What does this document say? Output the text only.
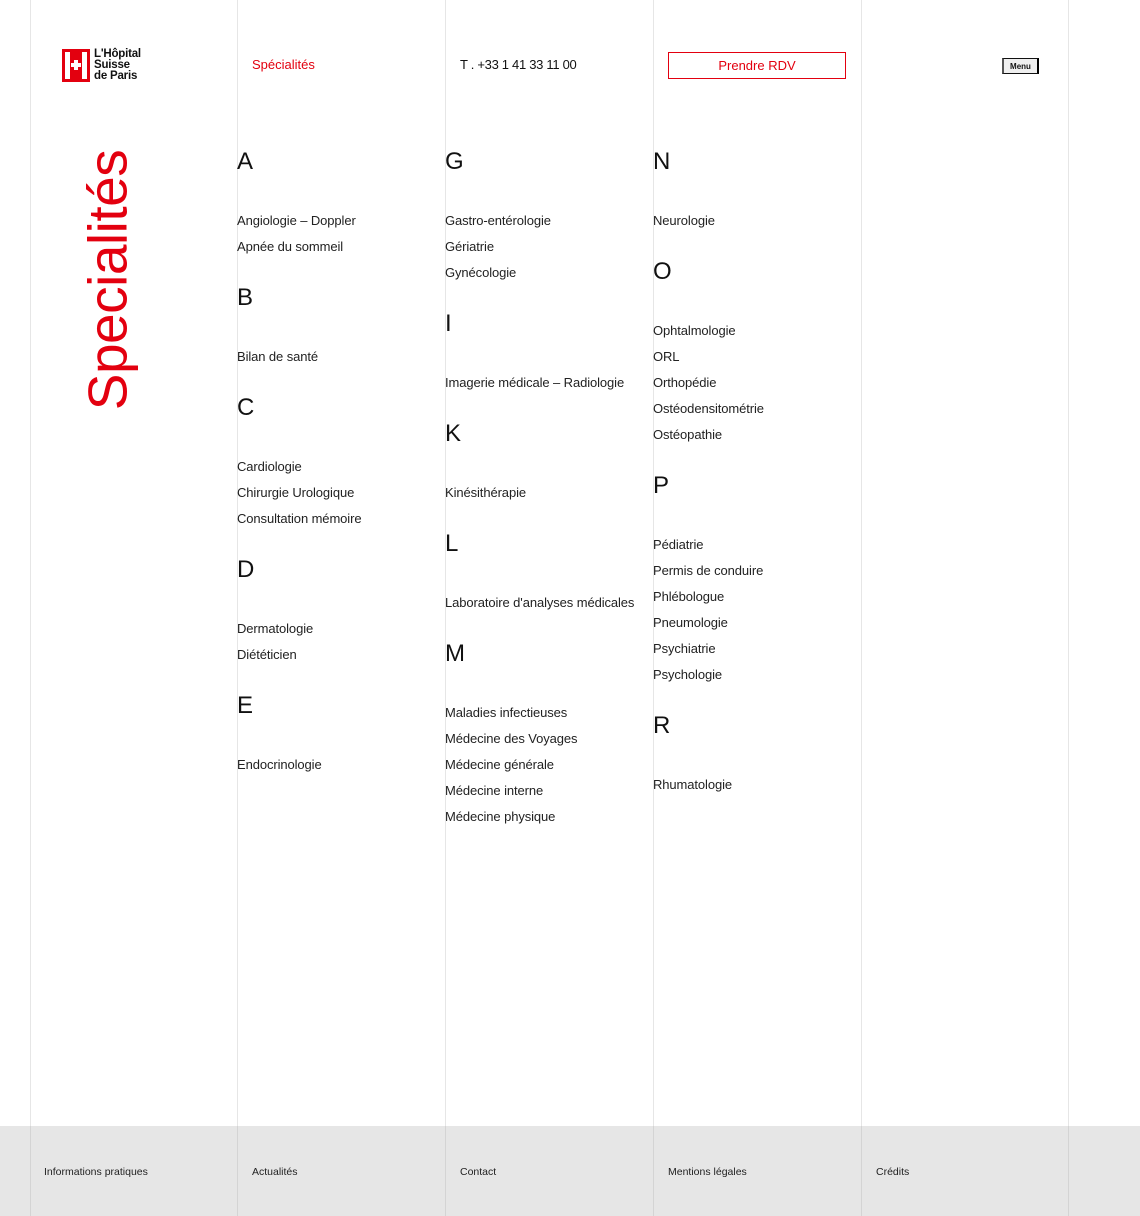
L'Hôpital
Suisse
de Paris
Spécialités	T . +33 1 41 33 11 00	Prendre RDV	Menu
Specialités	A
Angiologie – Doppler
Apnée du sommeil
B
Bilan de santé
C
Cardiologie
Chirurgie Urologique
Consultation mémoire
D
Dermatologie
Diététicien
E
Endocrinologie
G
Gastro-entérologie
Gériatrie
Gynécologie
I
Imagerie médicale – Radiologie
K
Kinésithérapie
L
Laboratoire d'analyses médicales
M
Maladies infectieuses
Médecine des Voyages
Médecine générale
Médecine interne
Médecine physique
N
Neurologie
O
Ophtalmologie
ORL
Orthopédie
Ostéodensitométrie
Ostéopathie
P
Pédiatrie
Permis de conduire
Phlébologue
Pneumologie
Psychiatrie
Psychologie
R
Rhumatologie
Informations pratiques	Actualités	Contact	Mentions légales	Crédits
